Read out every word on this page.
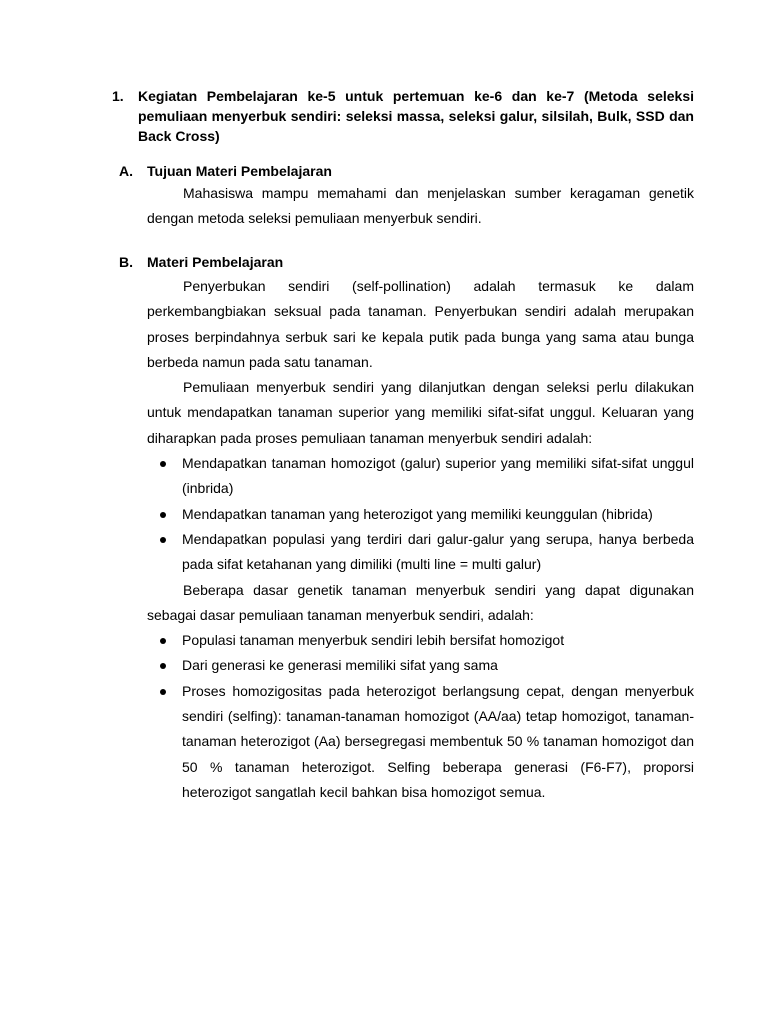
1. Kegiatan Pembelajaran ke-5 untuk pertemuan ke-6 dan ke-7 (Metoda seleksi pemuliaan menyerbuk sendiri: seleksi massa, seleksi galur, silsilah, Bulk, SSD dan Back Cross)
A. Tujuan Materi Pembelajaran

Mahasiswa mampu memahami dan menjelaskan sumber keragaman genetik dengan metoda seleksi pemuliaan menyerbuk sendiri.

B. Materi Pembelajaran

Penyerbukan sendiri (self-pollination) adalah termasuk ke dalam perkembangbiakan seksual pada tanaman. Penyerbukan sendiri adalah merupakan proses berpindahnya serbuk sari ke kepala putik pada bunga yang sama atau bunga berbeda namun pada satu tanaman.

Pemuliaan menyerbuk sendiri yang dilanjutkan dengan seleksi perlu dilakukan untuk mendapatkan tanaman superior yang memiliki sifat-sifat unggul. Keluaran yang diharapkan pada proses pemuliaan tanaman menyerbuk sendiri adalah:

Mendapatkan tanaman homozigot (galur) superior yang memiliki sifat-sifat unggul (inbrida)
Mendapatkan tanaman yang heterozigot yang memiliki keunggulan (hibrida)
Mendapatkan populasi yang terdiri dari galur-galur yang serupa, hanya berbeda pada sifat ketahanan yang dimiliki (multi line = multi galur)

Beberapa dasar genetik tanaman menyerbuk sendiri yang dapat digunakan sebagai dasar pemuliaan tanaman menyerbuk sendiri, adalah:

Populasi tanaman menyerbuk sendiri lebih bersifat homozigot
Dari generasi ke generasi memiliki sifat yang sama
Proses homozigositas pada heterozigot berlangsung cepat, dengan menyerbuk sendiri (selfing): tanaman-tanaman homozigot (AA/aa) tetap homozigot, tanaman-tanaman heterozigot (Aa) bersegregasi membentuk 50 % tanaman homozigot dan 50 % tanaman heterozigot. Selfing beberapa generasi (F6-F7), proporsi heterozigot sangatlah kecil bahkan bisa homozigot semua.
